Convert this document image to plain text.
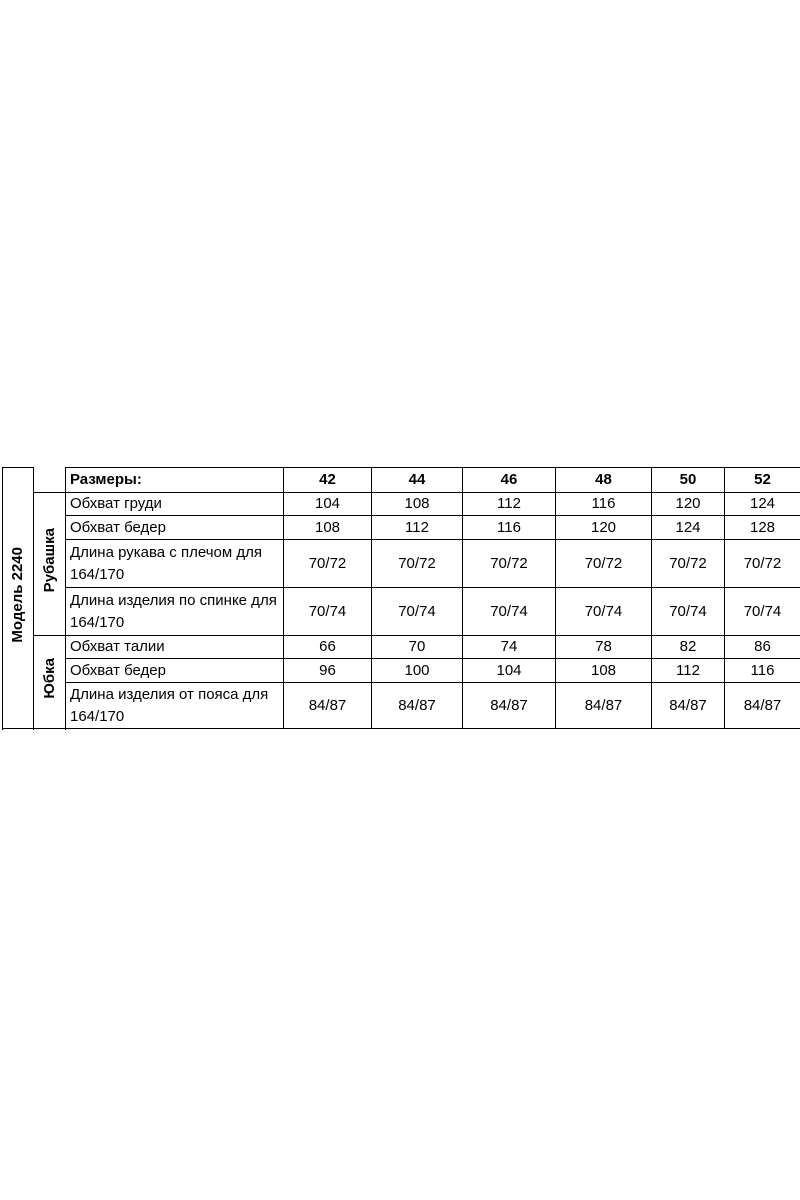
Модель 2240		Размеры:	42	44	46	48	50	52
	Рубашка	Обхват груди	104	108	112	116	120	124
		Обхват бедер	108	112	116	120	124	128
		Длина рукава с плечом для 164/170	70/72	70/72	70/72	70/72	70/72	70/72
		Длина изделия по спинке для 164/170	70/74	70/74	70/74	70/74	70/74	70/74

	Юбка	Обхват талии	66	70	74	78	82	86
		Обхват бедер	96	100	104	108	112	116
		Длина изделия от пояса для 164/170	84/87	84/87	84/87	84/87	84/87	84/87
